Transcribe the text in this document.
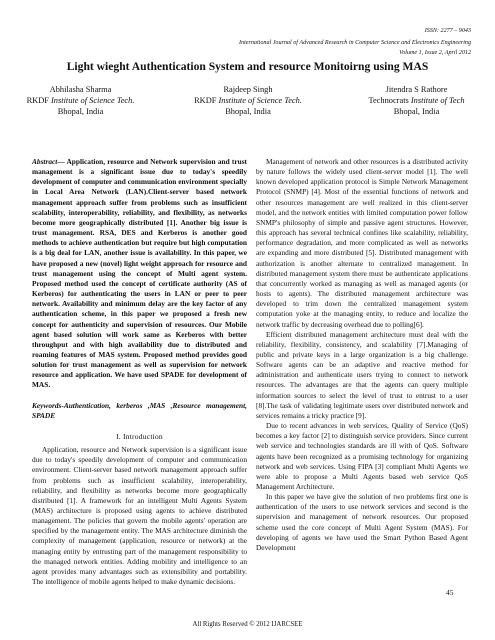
ISSN: 2277 – 9043
International Journal of Advanced Research in Computer Science and Electronics Engineering
Volume 1, Issue 2, April 2012
Light wieght Authentication System and resource Monitoirng using MAS
Abhilasha Sharma
RKDF Institute of Science Tech.
Bhopal, India
Rajdeep Singh
RKDF Institute of Science Tech.
Bhopal, India
Jitendra S Rathore
Technocrats Institute of Tech
Bhopal, India

Abstract— Application, resource and Network supervision and trust management is a significant issue due to today's speedily development of computer and communication environment specially in Local Area Network (LAN).Client-server based network management approach suffer from problems such as insufficient scalability, interoperability, reliability, and flexibility, as networks become more geographically distributed [1]. Another big issue is trust management. RSA, DES and Kerberos is another good methods to achieve authentication but require but high computation is a big deal for LAN, another issue is availability. In this paper, we have proposed a new (novel) light weight approach for resource and trust management using the concept of Multi agent system. Proposed method used the concept of certificate authority (AS of Kerberos) for authenticating the users in LAN or peer to peer network. Availability and minimum delay are the key factor of any authentication scheme, in this paper we proposed a fresh new concept for authenticity and supervision of resources. Our Mobile agent based solution will work same as Kerberos with better throughput and with high availability due to distributed and roaming features of MAS system. Proposed method provides good solution for trust management as well as supervision for network resource and application. We have used SPADE for development of MAS.

Keywords-Authentication, kerberos ,MAS ,Resource management, SPADE

I. Introduction

Application, resource and Network supervision is a significant issue due to today's speedily development of computer and communication environment. Client-server based network management approach suffer from problems such as insufficient scalability, interoperability, reliability, and flexibility as networks become more geographically distributed [1]. A framework for an intelligent Multi Agents System (MAS) architecture is proposed using agents to achieve distributed management. The policies that govern the mobile agents' operation are specified by the management entity. The MAS architecture diminish the complexity of management (application, resource or network) at the managing entity by entrusting part of the management responsibility to the managed network entities. Adding mobility and intelligence to an agent provides many advantages such as extensibility and portability. The intelligence of mobile agents helped to make dynamic decisions.

Management of network and other resources is a distributed activity by nature follows the widely used client-server model [1]. The well known developed application protocol is Simple Network Management Protocol (SNMP) [4]. Most of the essential functions of network and other resources management are well realized in this client-server model, and the network entities with limited computation power follow SNMP's philosophy of simple and passive agent structures. However, this approach has several technical confines like scalability, reliability, performance degradation, and more complicated as well as networks are expanding and more distributed [5]. Distributed management with authorization is another alternate to centralized management. In distributed management system there must be authenticate applications that concurrently worked as managing as well as managed agents (or hosts to agents). The distributed management architecture was developed to trim down the centralized management system computation yoke at the managing entity, to reduce and localize the network traffic by decreasing overhead due to polling[6].

Efficient distributed management architecture must deal with the reliability, flexibility, consistency, and scalability [7].Managing of public and private keys in a large organization is a big challenge. Software agents can be an adaptive and reactive method for administration and authenticate users trying to connect to network resources. The advantages are that the agents can query multiple information sources to select the level of trust to entrust to a user [8].The task of validating legitimate users over distributed network and services remains a tricky practice [9].

Due to recent advances in web services, Quality of Service (QoS) becomes a key factor [2] to distinguish service providers. Since current web service and technologies standards are ill with of QoS. Software agents have been recognized as a promising technology for organizing network and web services. Using FIPA [3] compliant Multi Agents we were able to propose a Multi Agents based web service QoS Management Architecture.

In this paper we have give the solution of two problems first one is authentication of the users to use network services and second is the supervision and management of network resources. Our proposed scheme used the core concept of Multi Agent System (MAS). For developing of agents we have used the Smart Python Based Agent Development

45
All Rights Reserved © 2012 IJARCSEE
